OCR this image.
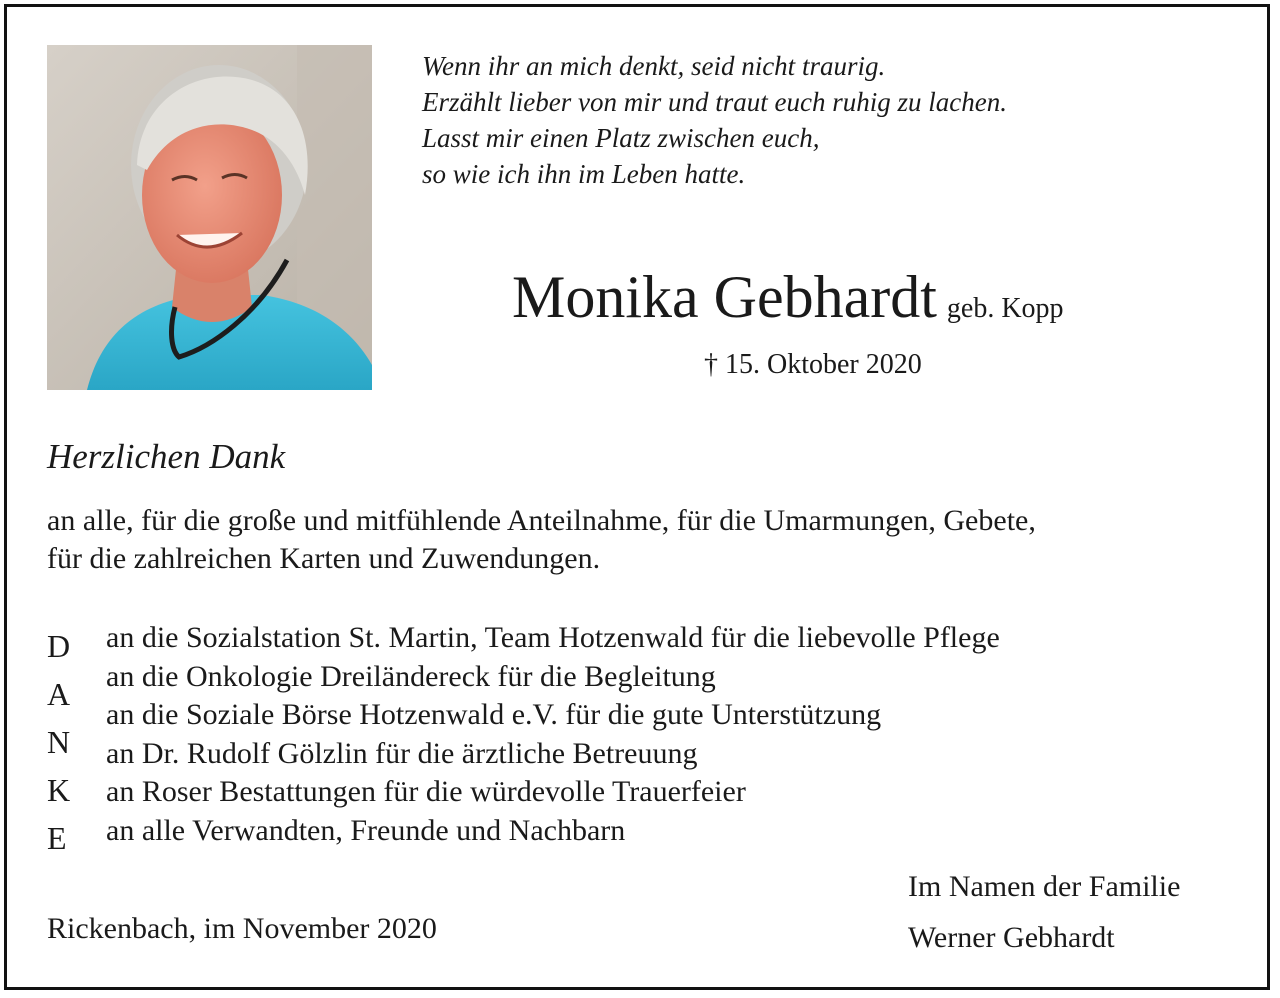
Wenn ihr an mich denkt, seid nicht traurig.
Erzählt lieber von mir und traut euch ruhig zu lachen.
Lasst mir einen Platz zwischen euch,
so wie ich ihn im Leben hatte.
Monika Gebhardt geb. Kopp
† 15. Oktober 2020
Herzlichen Dank
an alle, für die große und mitfühlende Anteilnahme, für die Umarmungen, Gebete,
für die zahlreichen Karten und Zuwendungen.
D
A
N
K
E
an die Sozialstation St. Martin, Team Hotzenwald für die liebevolle Pflege
an die Onkologie Dreiländereck für die Begleitung
an die Soziale Börse Hotzenwald e.V. für die gute Unterstützung
an Dr. Rudolf Gölzlin für die ärztliche Betreuung
an Roser Bestattungen für die würdevolle Trauerfeier
an alle Verwandten, Freunde und Nachbarn
Im Namen der Familie
Werner Gebhardt
Rickenbach, im November 2020
